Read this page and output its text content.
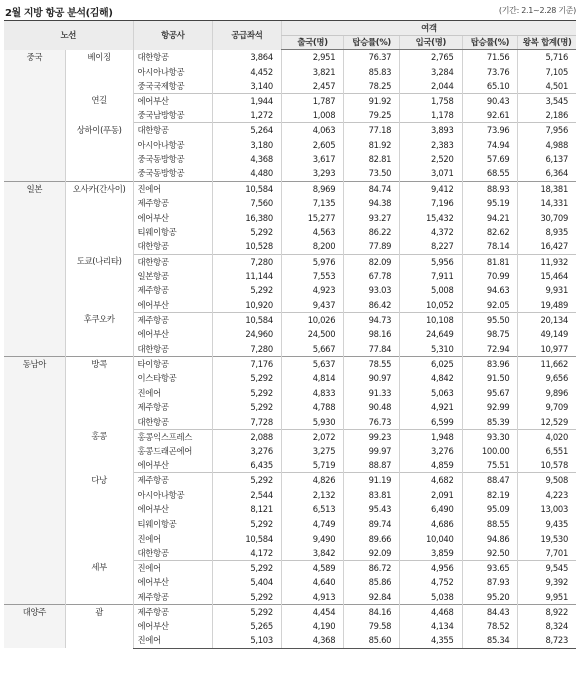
2월 지방 항공 분석(김해)	(기간: 2.1~2.28 기준)
노선		항공사	공급좌석	여객				
				출국(명)	탑승률(%)	입국(명)	탑승률(%)	왕복 합계(명)
중국	베이징	대한항공	3,864	2,951	76.37	2,765	71.56	5,716
		아시아나항공	4,452	3,821	85.83	3,284	73.76	7,105
		중국국제항공	3,140	2,457	78.25	2,044	65.10	4,501
	연길	에어부산	1,944	1,787	91.92	1,758	90.43	3,545
		중국남방항공	1,272	1,008	79.25	1,178	92.61	2,186
	상하이(푸동)	대한항공	5,264	4,063	77.18	3,893	73.96	7,956
		아시아나항공	3,180	2,605	81.92	2,383	74.94	4,988
		중국동방항공	4,368	3,617	82.81	2,520	57.69	6,137
		중국동방항공	4,480	3,293	73.50	3,071	68.55	6,364
일본	오사카(간사이)	진에어	10,584	8,969	84.74	9,412	88.93	18,381
		제주항공	7,560	7,135	94.38	7,196	95.19	14,331
		에어부산	16,380	15,277	93.27	15,432	94.21	30,709
		티웨이항공	5,292	4,563	86.22	4,372	82.62	8,935
		대한항공	10,528	8,200	77.89	8,227	78.14	16,427
	도쿄(나리타)	대한항공	7,280	5,976	82.09	5,956	81.81	11,932
		일본항공	11,144	7,553	67.78	7,911	70.99	15,464
		제주항공	5,292	4,923	93.03	5,008	94.63	9,931
		에어부산	10,920	9,437	86.42	10,052	92.05	19,489
	후쿠오카	제주항공	10,584	10,026	94.73	10,108	95.50	20,134
		에어부산	24,960	24,500	98.16	24,649	98.75	49,149
		대한항공	7,280	5,667	77.84	5,310	72.94	10,977
동남아	방콕	타이항공	7,176	5,637	78.55	6,025	83.96	11,662
		이스타항공	5,292	4,814	90.97	4,842	91.50	9,656
		진에어	5,292	4,833	91.33	5,063	95.67	9,896
		제주항공	5,292	4,788	90.48	4,921	92.99	9,709
		대한항공	7,728	5,930	76.73	6,599	85.39	12,529
	홍콩	홍콩익스프레스	2,088	2,072	99.23	1,948	93.30	4,020
		홍콩드래곤에어	3,276	3,275	99.97	3,276	100.00	6,551
		에어부산	6,435	5,719	88.87	4,859	75.51	10,578
	다낭	제주항공	5,292	4,826	91.19	4,682	88.47	9,508
		아시아나항공	2,544	2,132	83.81	2,091	82.19	4,223
		에어부산	8,121	6,513	95.43	6,490	95.09	13,003
		티웨이항공	5,292	4,749	89.74	4,686	88.55	9,435
		진에어	10,584	9,490	89.66	10,040	94.86	19,530
		대한항공	4,172	3,842	92.09	3,859	92.50	7,701
	세부	진에어	5,292	4,589	86.72	4,956	93.65	9,545
		에어부산	5,404	4,640	85.86	4,752	87.93	9,392
		제주항공	5,292	4,913	92.84	5,038	95.20	9,951
대양주	괌	제주항공	5,292	4,454	84.16	4,468	84.43	8,922
		에어부산	5,265	4,190	79.58	4,134	78.52	8,324
		진에어	5,103	4,368	85.60	4,355	85.34	8,723
